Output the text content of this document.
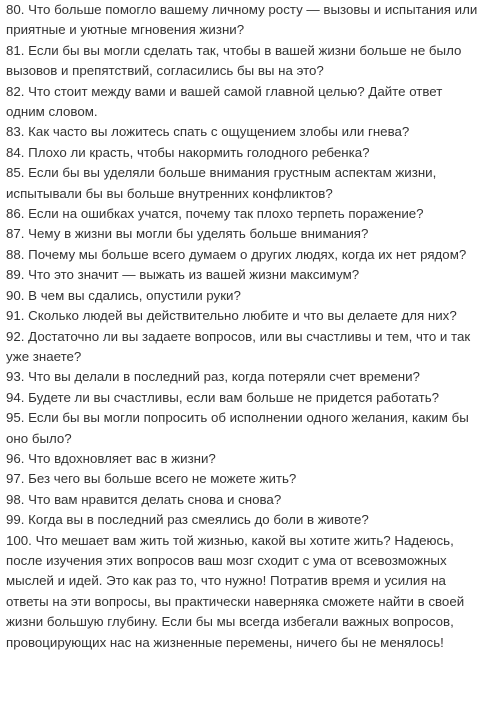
80. Что больше помогло вашему личному росту — вызовы и испытания или приятные и уютные мгновения жизни?

81. Если бы вы могли сделать так, чтобы в вашей жизни больше не было вызовов и препятствий, согласились бы вы на это?

82. Что стоит между вами и вашей самой главной целью? Дайте ответ одним словом.

83. Как часто вы ложитесь спать с ощущением злобы или гнева?

84. Плохо ли красть, чтобы накормить голодного ребенка?

85. Если бы вы уделяли больше внимания грустным аспектам жизни, испытывали бы вы больше внутренних конфликтов?

86. Если на ошибках учатся, почему так плохо терпеть поражение?

87. Чему в жизни вы могли бы уделять больше внимания?

88. Почему мы больше всего думаем о других людях, когда их нет рядом?

89. Что это значит — выжать из вашей жизни максимум?

90. В чем вы сдались, опустили руки?

91. Сколько людей вы действительно любите и что вы делаете для них?

92. Достаточно ли вы задаете вопросов, или вы счастливы и тем, что и так уже знаете?

93. Что вы делали в последний раз, когда потеряли счет времени?

94. Будете ли вы счастливы, если вам больше не придется работать?

95. Если бы вы могли попросить об исполнении одного желания, каким бы оно было?

96. Что вдохновляет вас в жизни?

97. Без чего вы больше всего не можете жить?

98. Что вам нравится делать снова и снова?

99. Когда вы в последний раз смеялись до боли в животе?

100. Что мешает вам жить той жизнью, какой вы хотите жить? Надеюсь, после изучения этих вопросов ваш мозг сходит с ума от всевозможных мыслей и идей. Это как раз то, что нужно! Потратив время и усилия на ответы на эти вопросы, вы практически наверняка сможете найти в своей жизни большую глубину. Если бы мы всегда избегали важных вопросов, провоцирующих нас на жизненные перемены, ничего бы не менялось!
